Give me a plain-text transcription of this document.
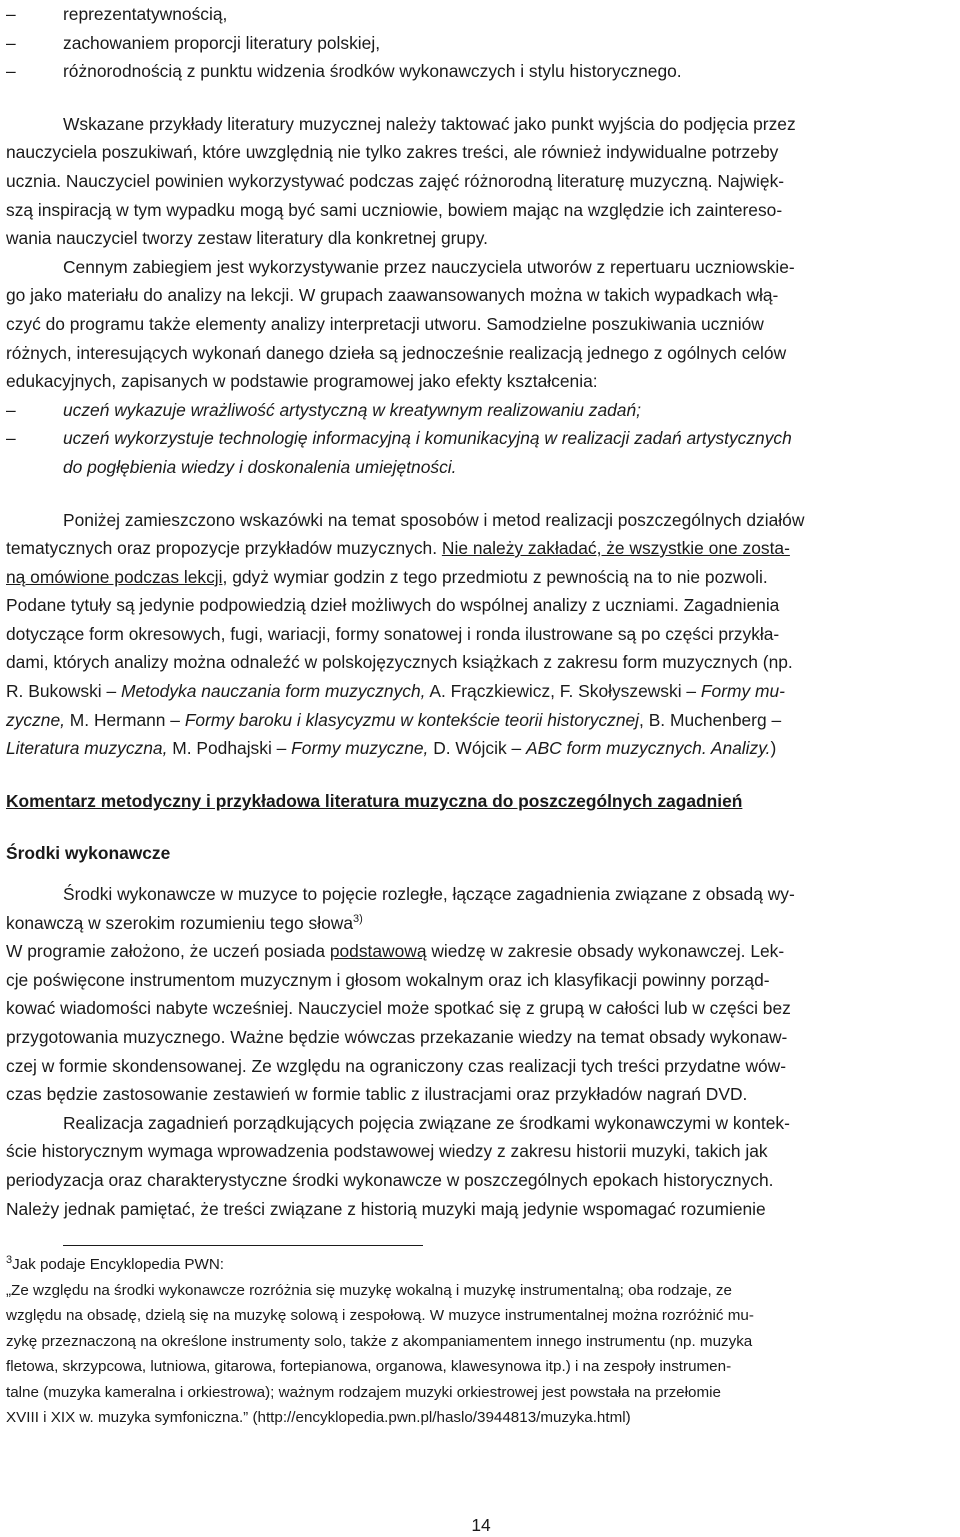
–	reprezentatywnością,
–	zachowaniem proporcji literatury polskiej,
–	różnorodnością z punktu widzenia środków wykonawczych i stylu historycznego.
Wskazane przykłady literatury muzycznej należy taktować jako punkt wyjścia do podjęcia przez
nauczyciela poszukiwań, które uwzględnią nie tylko zakres treści, ale również indywidualne potrzeby
ucznia. Nauczyciel powinien wykorzystywać podczas zajęć różnorodną literaturę muzyczną. Najwięk-
szą inspiracją w tym wypadku mogą być sami uczniowie, bowiem mając na względzie ich zaintereso-
wania nauczyciel tworzy zestaw literatury dla konkretnej grupy.
Cennym zabiegiem jest wykorzystywanie przez nauczyciela utworów z repertuaru uczniowskie-
go jako materiału do analizy na lekcji. W grupach zaawansowanych można w takich wypadkach włą-
czyć do programu także elementy analizy interpretacji utworu. Samodzielne poszukiwania uczniów
różnych, interesujących wykonań danego dzieła są jednocześnie realizacją jednego z ogólnych celów
edukacyjnych, zapisanych w podstawie programowej jako efekty kształcenia:
–	uczeń wykazuje wrażliwość artystyczną w kreatywnym realizowaniu zadań;
–	uczeń wykorzystuje technologię informacyjną i komunikacyjną w realizacji zadań artystycznych
do pogłębienia wiedzy i doskonalenia umiejętności.
Poniżej zamieszczono wskazówki na temat sposobów i metod realizacji poszczególnych działów
tematycznych oraz propozycje przykładów muzycznych. Nie należy zakładać, że wszystkie one zosta-
ną omówione podczas lekcji, gdyż wymiar godzin z tego przedmiotu z pewnością na to nie pozwoli.
Podane tytuły są jedynie podpowiedzią dzieł możliwych do wspólnej analizy z uczniami. Zagadnienia
dotyczące form okresowych, fugi, wariacji, formy sonatowej i ronda ilustrowane są po części przykła-
dami, których analizy można odnaleźć w polskojęzycznych książkach z zakresu form muzycznych (np.
R. Bukowski – Metodyka nauczania form muzycznych, A. Frączkiewicz, F. Skołyszewski – Formy mu-
zyczne, M. Hermann – Formy baroku i klasycyzmu w kontekście teorii historycznej, B. Muchenberg –
Literatura muzyczna, M. Podhajski – Formy muzyczne, D. Wójcik – ABC form muzycznych. Analizy.)
Komentarz metodyczny i przykładowa literatura muzyczna do poszczególnych zagadnień
Środki wykonawcze
Środki wykonawcze w muzyce to pojęcie rozległe, łączące zagadnienia związane z obsadą wy-
konawczą w szerokim rozumieniu tego słowa$^{3)}$
W programie założono, że uczeń posiada podstawową wiedzę w zakresie obsady wykonawczej. Lek-
cje poświęcone instrumentom muzycznym i głosom wokalnym oraz ich klasyfikacji powinny porząd-
kować wiadomości nabyte wcześniej. Nauczyciel może spotkać się z grupą w całości lub w części bez
przygotowania muzycznego. Ważne będzie wówczas przekazanie wiedzy na temat obsady wykonaw-
czej w formie skondensowanej. Ze względu na ograniczony czas realizacji tych treści przydatne wów-
czas będzie zastosowanie zestawień w formie tablic z ilustracjami oraz przykładów nagrań DVD.
Realizacja zagadnień porządkujących pojęcia związane ze środkami wykonawczymi w kontek-
ście historycznym wymaga wprowadzenia podstawowej wiedzy z zakresu historii muzyki, takich jak
periodyzacja oraz charakterystyczne środki wykonawcze w poszczególnych epokach historycznych.
Należy jednak pamiętać, że treści związane z historią muzyki mają jedynie wspomagać rozumienie
$^3$Jak podaje Encyklopedia PWN:
„Ze względu na środki wykonawcze rozróżnia się muzykę wokalną i muzykę instrumentalną; oba rodzaje, ze
względu na obsadę, dzielą się na muzykę solową i zespołową. W muzyce instrumentalnej można rozróżnić mu-
zykę przeznaczoną na określone instrumenty solo, także z akompaniamentem innego instrumentu (np. muzyka
fletowa, skrzypcowa, lutniowa, gitarowa, fortepianowa, organowa, klawesynowa itp.) i na zespoły instrumen-
talne (muzyka kameralna i orkiestrowa); ważnym rodzajem muzyki orkiestrowej jest powstała na przełomie
XVIII i XIX w. muzyka symfoniczna.” (http://encyklopedia.pwn.pl/haslo/3944813/muzyka.html)
14
